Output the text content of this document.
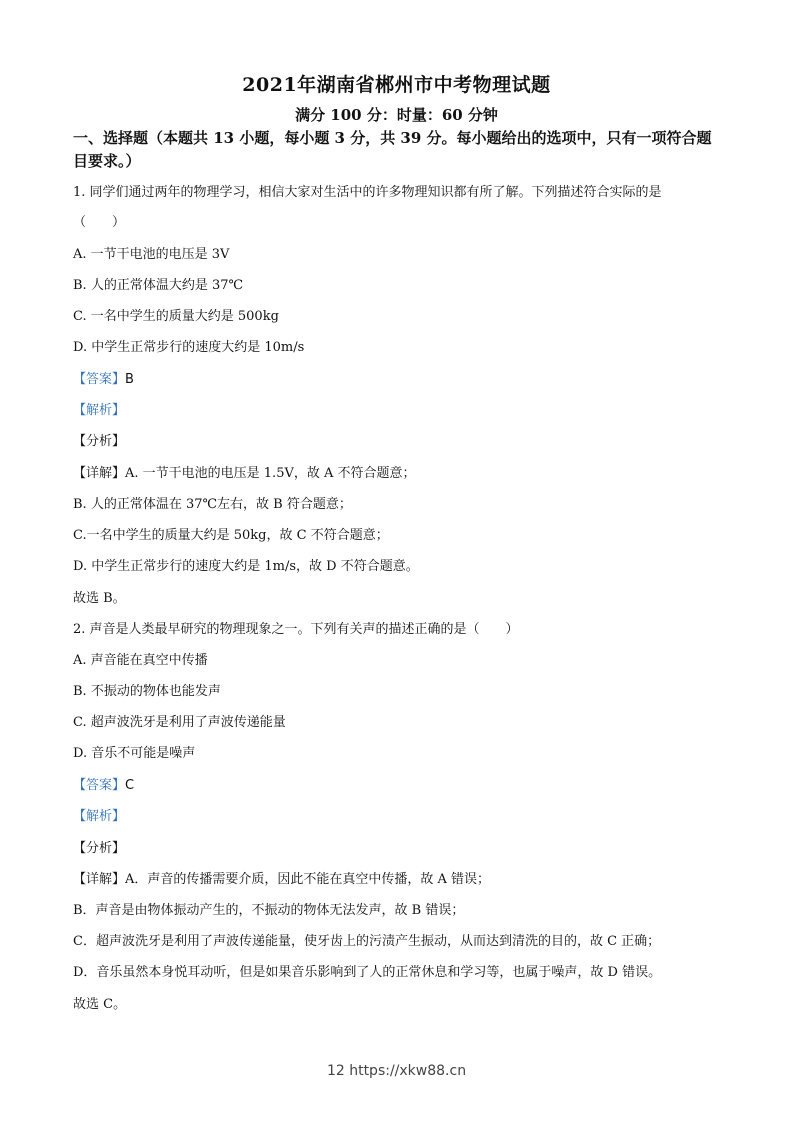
2021年湖南省郴州市中考物理试题
满分 100 分：时量：60 分钟
一、选择题（本题共 13 小题，每小题 3 分，共 39 分。每小题给出的选项中，只有一项符合题目要求。）
1. 同学们通过两年的物理学习，相信大家对生活中的许多物理知识都有所了解。下列描述符合实际的是
（　　）
A. 一节干电池的电压是 3V
B. 人的正常体温大约是 37℃
C. 一名中学生的质量大约是 500kg
D. 中学生正常步行的速度大约是 10m/s
【答案】B
【解析】
【分析】
【详解】A. 一节干电池的电压是 1.5V，故 A 不符合题意；
B. 人的正常体温在 37℃左右，故 B 符合题意；
C.一名中学生的质量大约是 50kg，故 C 不符合题意；
D. 中学生正常步行的速度大约是 1m/s，故 D 不符合题意。
故选 B。
2. 声音是人类最早研究的物理现象之一。下列有关声的描述正确的是（　　）
A. 声音能在真空中传播
B. 不振动的物体也能发声
C. 超声波洗牙是利用了声波传递能量
D. 音乐不可能是噪声
【答案】C
【解析】
【分析】
【详解】A．声音的传播需要介质，因此不能在真空中传播，故 A 错误；
B．声音是由物体振动产生的，不振动的物体无法发声，故 B 错误；
C．超声波洗牙是利用了声波传递能量，使牙齿上的污渍产生振动，从而达到清洗的目的，故 C 正确；
D．音乐虽然本身悦耳动听，但是如果音乐影响到了人的正常休息和学习等，也属于噪声，故 D 错误。
故选 C。
12 https://xkw88.cn
